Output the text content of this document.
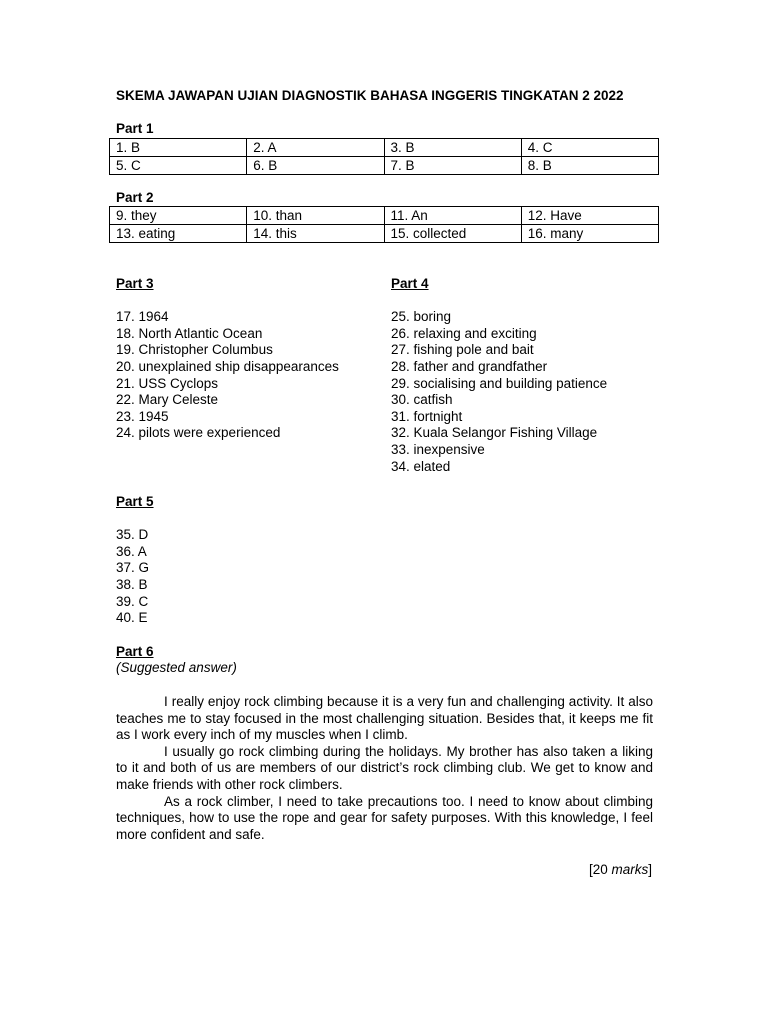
SKEMA JAWAPAN UJIAN DIAGNOSTIK BAHASA INGGERIS TINGKATAN 2 2022
Part 1
1. B	2. A	3. B	4. C
5. C	6. B	7. B	8. B
Part 2
9. they	10. than	11. An	12. Have
13. eating	14. this	15. collected	16. many
Part 3
17. 1964
18. North Atlantic Ocean
19. Christopher Columbus
20. unexplained ship disappearances
21. USS Cyclops
22. Mary Celeste
23. 1945
24. pilots were experienced
Part 4
25. boring
26. relaxing and exciting
27. fishing pole and bait
28. father and grandfather
29. socialising and building patience
30. catfish
31. fortnight
32. Kuala Selangor Fishing Village
33. inexpensive
34. elated
Part 5
35. D
36. A
37. G
38. B
39. C
40. E
Part 6
(Suggested answer)

I really enjoy rock climbing because it is a very fun and challenging activity. It also teaches me to stay focused in the most challenging situation. Besides that, it keeps me fit as I work every inch of my muscles when I climb.

I usually go rock climbing during the holidays. My brother has also taken a liking to it and both of us are members of our district’s rock climbing club. We get to know and make friends with other rock climbers.

As a rock climber, I need to take precautions too. I need to know about climbing techniques, how to use the rope and gear for safety purposes. With this knowledge, I feel more confident and safe.

[20 marks]
